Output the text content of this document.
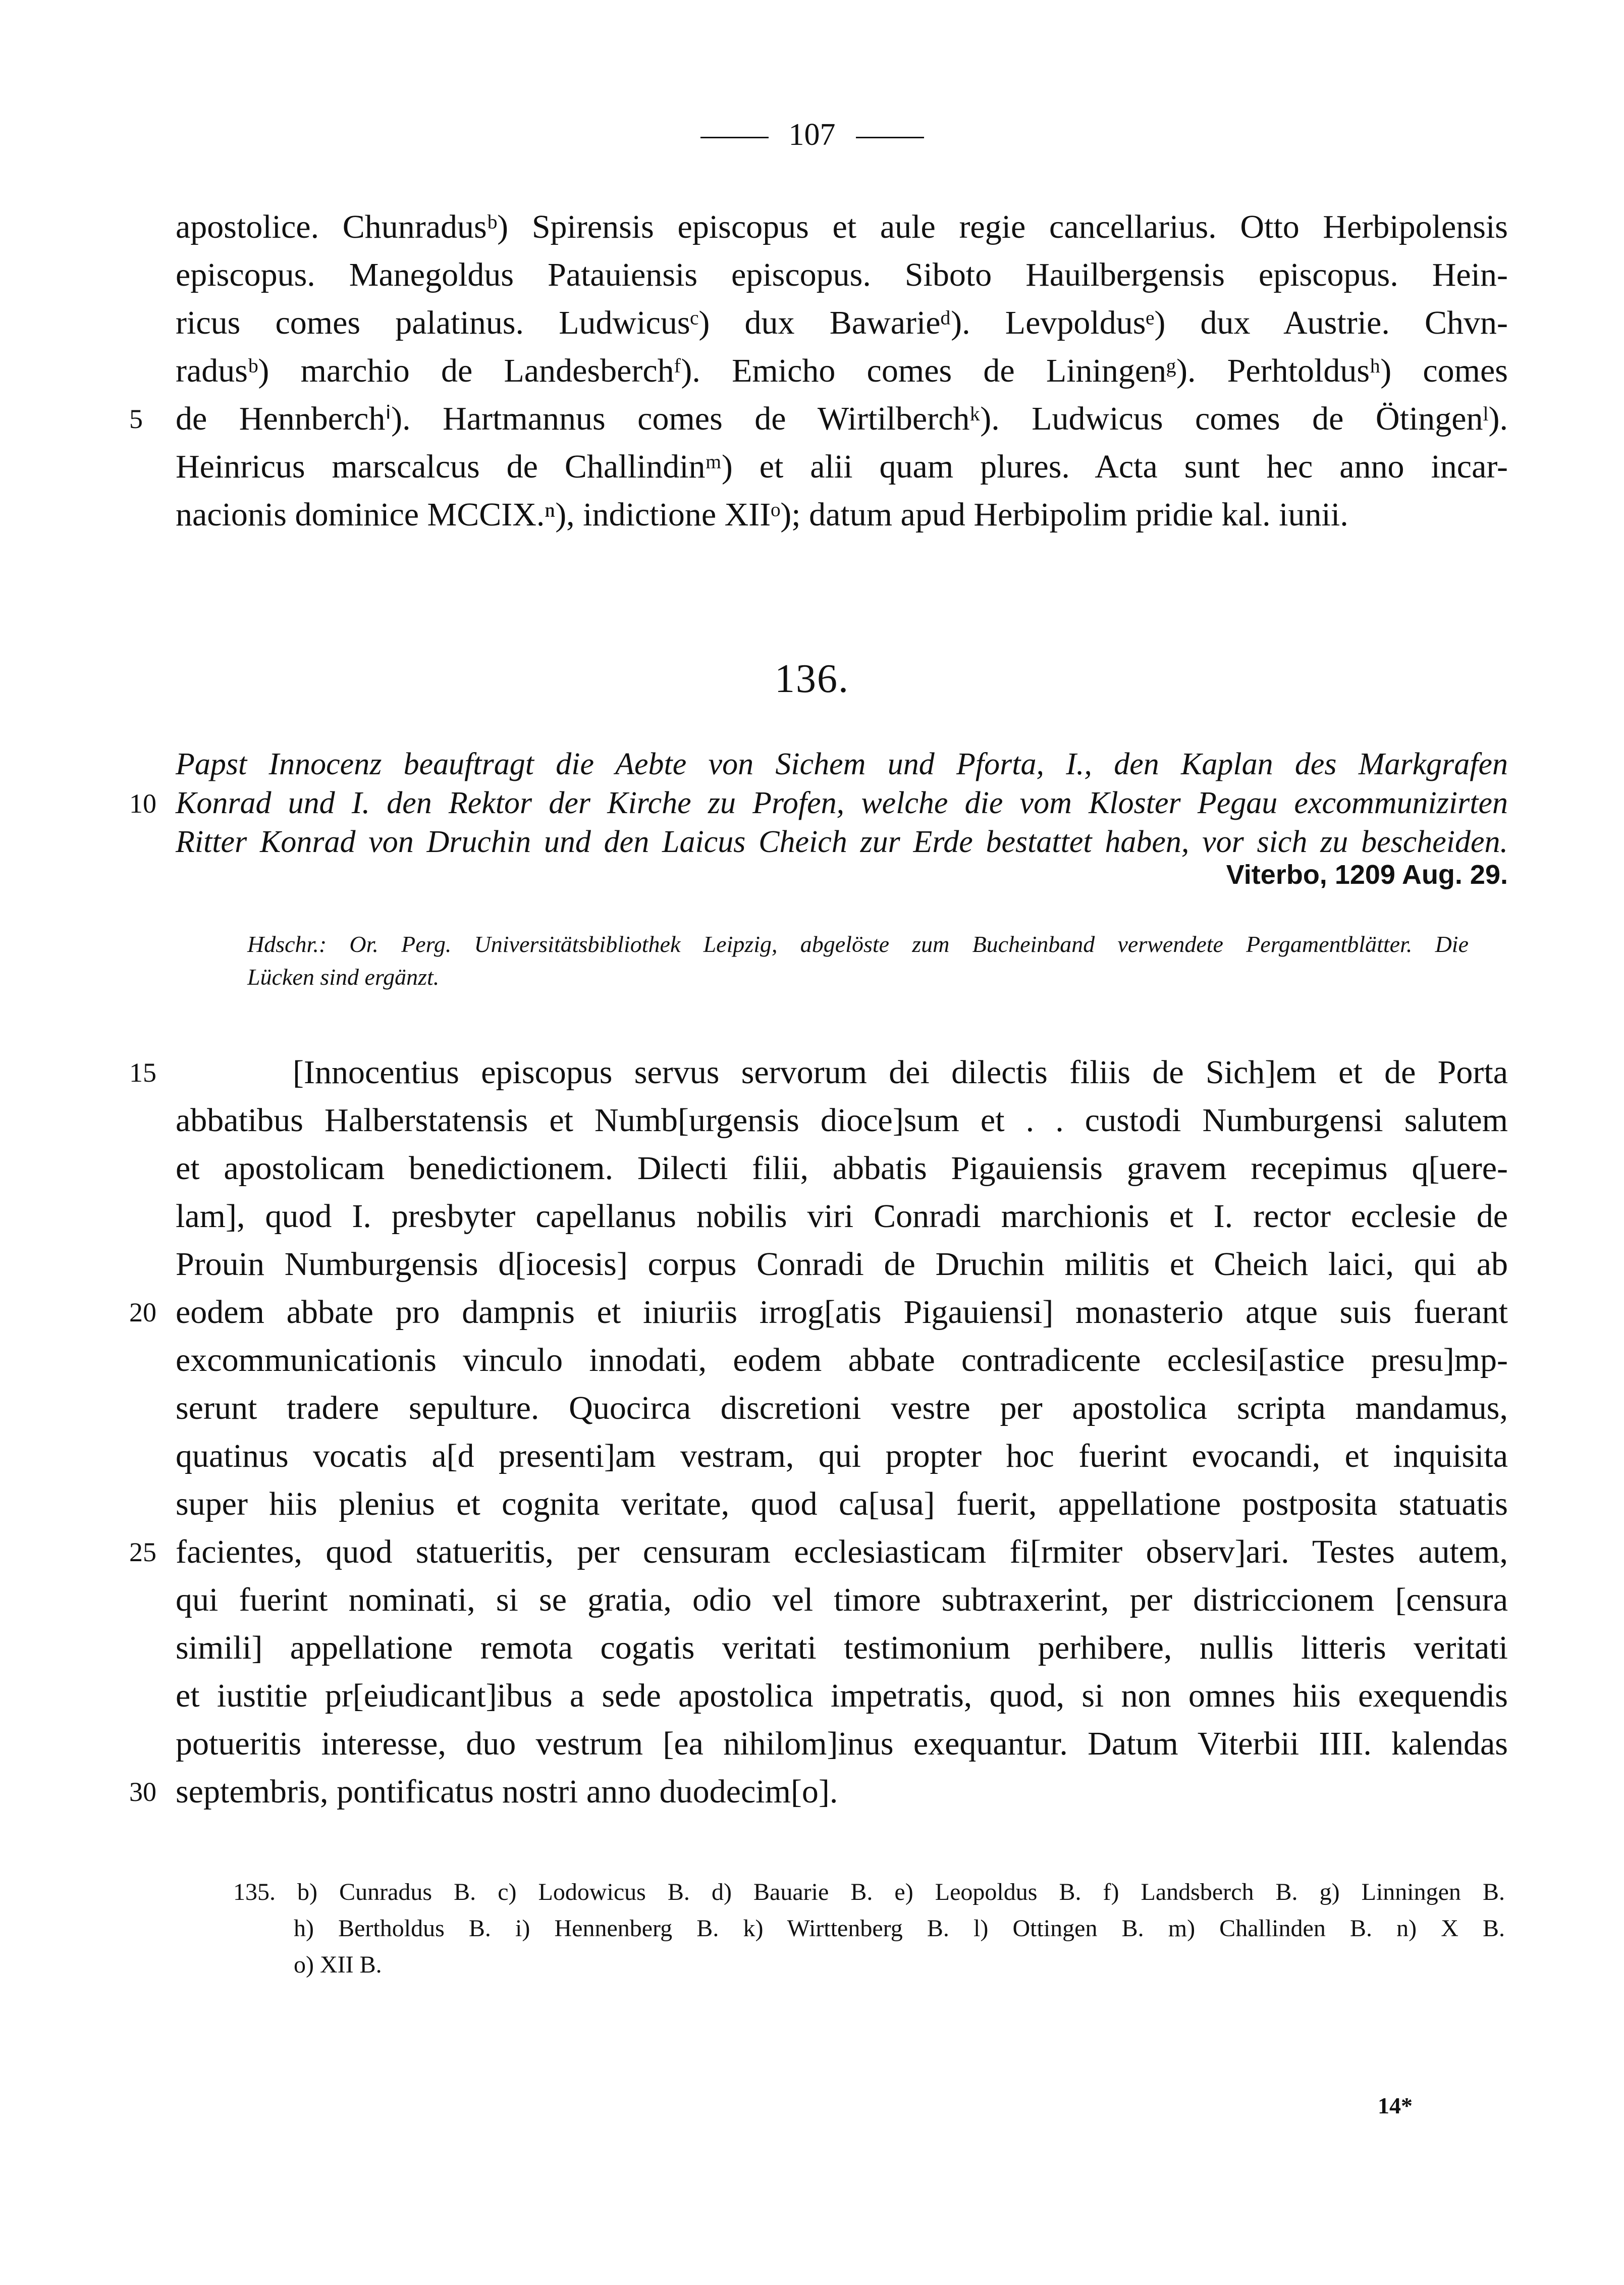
107
apostolice. Chunradusᵇ) Spirensis episcopus et aule regie cancellarius. Otto Herbipolensis
episcopus. Manegoldus Patauiensis episcopus. Siboto Hauilbergensis episcopus. Hein-
ricus comes palatinus. Ludwicusᶜ) dux Bawarieᵈ). Levpoldusᵉ) dux Austrie. Chvn-
radusᵇ) marchio de Landesberchᶠ). Emicho comes de Liningenᵍ). Perhtoldusʰ) comes
5 de Hennberchⁱ). Hartmannus comes de Wirtilberchᵏ). Ludwicus comes de Ötingenˡ).
Heinricus marscalcus de Challindinᵐ) et alii quam plures. Acta sunt hec anno incar-
nacionis dominice MCCIX.ⁿ), indictione XIIᵒ); datum apud Herbipolim pridie kal. iunii.
136.
Papst Innocenz beauftragt die Aebte von Sichem und Pforta, I., den Kaplan des Markgrafen
10 Konrad und I. den Rektor der Kirche zu Profen, welche die vom Kloster Pegau excommunizirten
Ritter Konrad von Druchin und den Laicus Cheich zur Erde bestattet haben, vor sich zu bescheiden.
Viterbo, 1209 Aug. 29.
Hdschr.: Or. Perg. Universitätsbibliothek Leipzig, abgelöste zum Bucheinband verwendete Pergamentblätter. Die
Lücken sind ergänzt.
15	[Innocentius episcopus servus servorum dei dilectis filiis de Sich]em et de Porta
abbatibus Halberstatensis et Numb[urgensis dioce]sum et . . custodi Numburgensi salutem
et apostolicam benedictionem. Dilecti filii, abbatis Pigauiensis gravem recepimus q[uere-
lam], quod I. presbyter capellanus nobilis viri Conradi marchionis et I. rector ecclesie de
Prouin Numburgensis d[iocesis] corpus Conradi de Druchin militis et Cheich laici, qui ab
20 eodem abbate pro dampnis et iniuriis irrog[atis Pigauiensi] monasterio atque suis fuerant
excommunicationis vinculo innodati, eodem abbate contradicente ecclesi[astice presu]mp-
serunt tradere sepulture. Quocirca discretioni vestre per apostolica scripta mandamus,
quatinus vocatis a[d presenti]am vestram, qui propter hoc fuerint evocandi, et inquisita
super hiis plenius et cognita veritate, quod ca[usa] fuerit, appellatione postposita statuatis
25 facientes, quod statueritis, per censuram ecclesiasticam fi[rmiter observ]ari. Testes autem,
qui fuerint nominati, si se gratia, odio vel timore subtraxerint, per districcionem [censura
simili] appellatione remota cogatis veritati testimonium perhibere, nullis litteris veritati
et iustitie pr[eiudicant]ibus a sede apostolica impetratis, quod, si non omnes hiis exequendis
potueritis interesse, duo vestrum [ea nihilom]inus exequantur. Datum Viterbii IIII. kalendas
30 septembris, pontificatus nostri anno duodecim[o].
135. b) Cunradus B. c) Lodowicus B. d) Bauarie B. e) Leopoldus B. f) Landsberch B. g) Linningen B.
h) Bertholdus B. i) Hennenberg B. k) Wirttenberg B. l) Ottingen B. m) Challinden B. n) X B.
o) XII B.
14*
